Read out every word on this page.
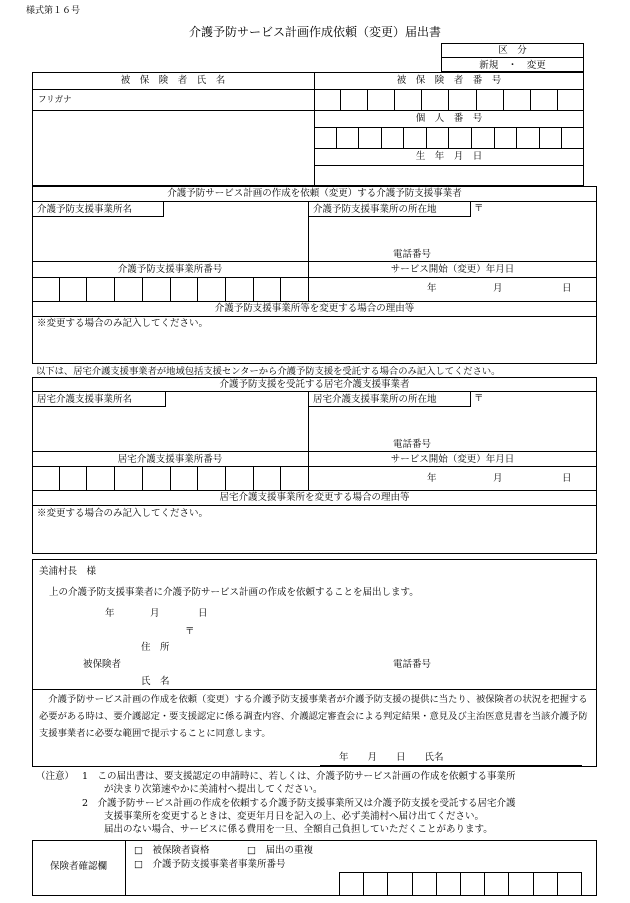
様式第１６号
介護予防サービス計画作成依頼（変更）届出書
区　分
新規　・　変更
被　保　険　者　氏　名	被　保　険　者　番　号
フリガナ
個　人　番　号
生　年　月　日
介護予防サービス計画の作成を依頼（変更）する介護予防支援事業者
介護予防支援事業所名	介護予防支援事業所の所在地	〒
電話番号
介護予防支援事業所番号	サービス開始（変更）年月日
年	月	日
介護予防支援事業所等を変更する場合の理由等
※変更する場合のみ記入してください。
以下は、居宅介護支援事業者が地域包括支援センターから介護予防支援を受託する場合のみ記入してください。
介護予防支援を受託する居宅介護支援事業者
居宅介護支援事業所名	居宅介護支援事業所の所在地	〒
電話番号
居宅介護支援事業所番号	サービス開始（変更）年月日
年	月	日
居宅介護支援事業所を変更する場合の理由等
※変更する場合のみ記入してください。
美浦村長　様
上の介護予防支援事業者に介護予防サービス計画の作成を依頼することを届出します。
年	月	日
〒
住　所
被保険者	電話番号
氏　名
介護予防サービス計画の作成を依頼（変更）する介護予防支援事業者が介護予防支援の提供に当たり、被保険者の状況を把握する必要がある時は、要介護認定・要支援認定に係る調査内容、介護認定審査会による判定結果・意見及び主治医意見書を当該介護予防支援事業者に必要な範囲で提示することに同意します。
年　　月　　日　　氏名
（注意） 1　この届出書は、要支援認定の申請時に、若しくは、介護予防サービス計画の作成を依頼する事業所
が決まり次第速やかに美浦村へ提出してください。
2　介護予防サービス計画の作成を依頼する介護予防支援事業所又は介護予防支援を受託する居宅介護
支援事業所を変更するときは、変更年月日を記入の上、必ず美浦村へ届け出てください。
届出のない場合、サービスに係る費用を一旦、全額自己負担していただくことがあります。
保険者確認欄
□　被保険者資格	□　届出の重複
□　介護予防支援事業者事業所番号
